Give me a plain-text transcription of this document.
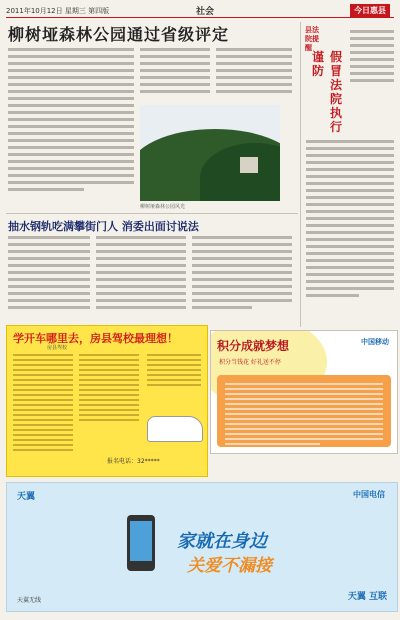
2011年10月12日 星期三 第四版	社会	今日惠县
柳树垭森林公园通过省级评定
柳树垭森林公园风光
县法院提醒
谨防
假冒法院执行
抽水钢轨吃满攀街门人 消委出面讨说法
学开车哪里去，房县驾校最理想！
房县驾校
报名电话：32*****
积分成就梦想	中国移动
积分当钱花 好礼送不停
天翼	中国电信
家就在身边
关爱不漏接
天翼无线	天翼 互联
